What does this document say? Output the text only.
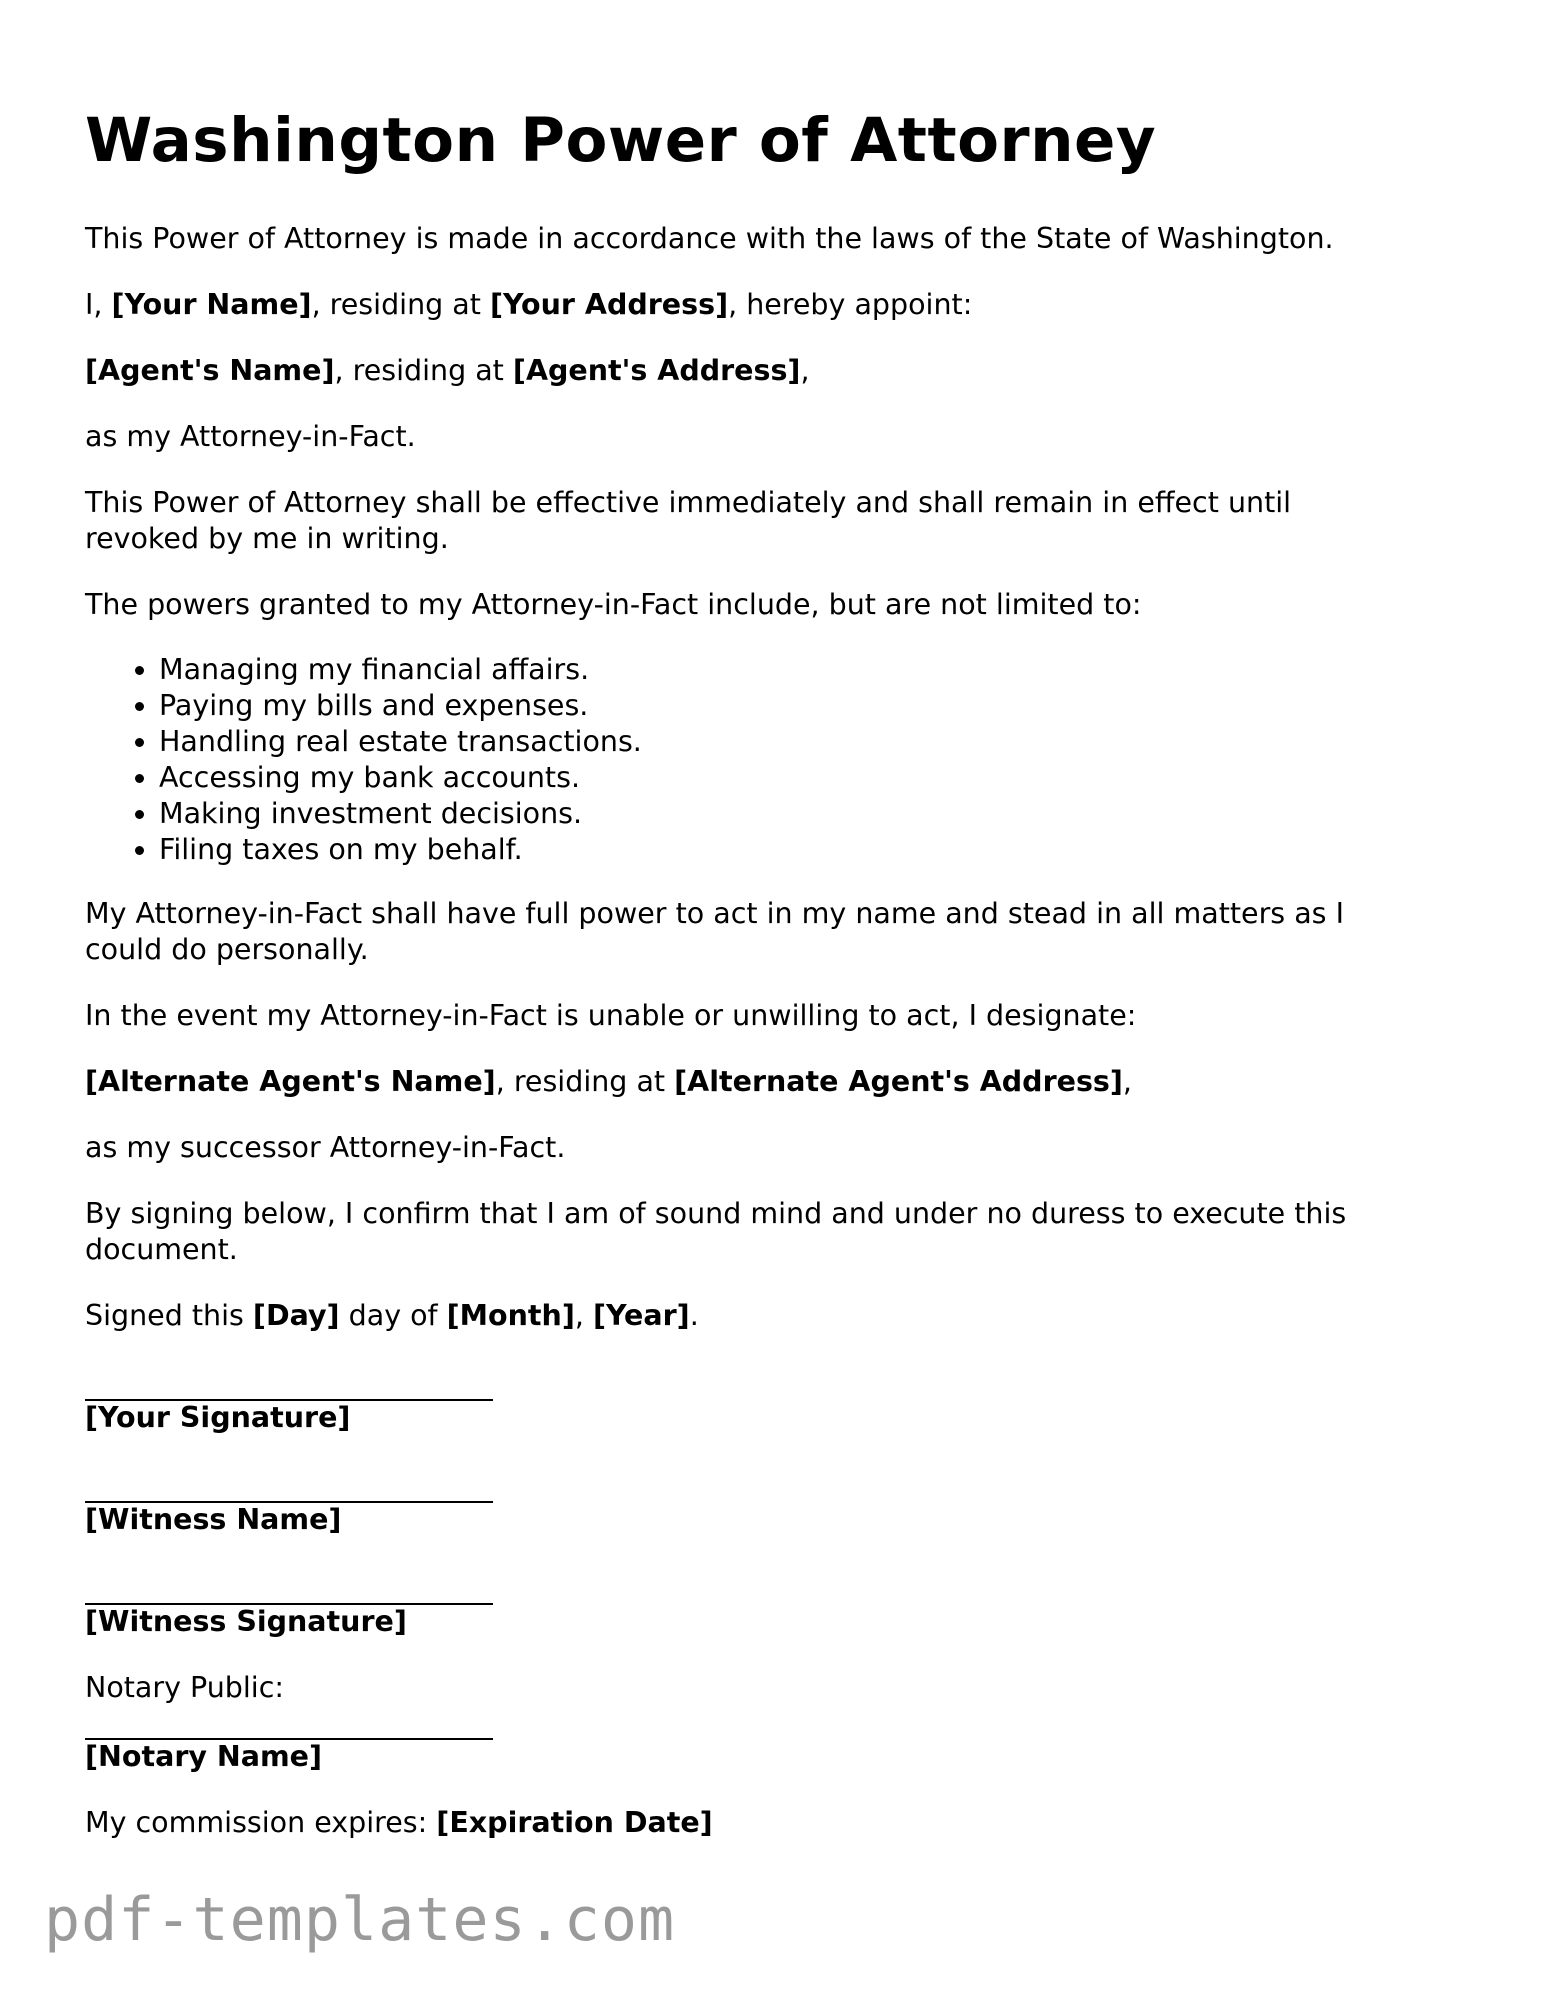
Washington Power of Attorney

This Power of Attorney is made in accordance with the laws of the State of Washington.

I, [Your Name], residing at [Your Address], hereby appoint:

[Agent's Name], residing at [Agent's Address],

as my Attorney-in-Fact.

This Power of Attorney shall be effective immediately and shall remain in effect until

revoked by me in writing.

The powers granted to my Attorney-in-Fact include, but are not limited to:

• Managing my financial affairs.
• Paying my bills and expenses.
• Handling real estate transactions.
• Accessing my bank accounts.
• Making investment decisions.
• Filing taxes on my behalf.

My Attorney-in-Fact shall have full power to act in my name and stead in all matters as I

could do personally.

In the event my Attorney-in-Fact is unable or unwilling to act, I designate:

[Alternate Agent's Name], residing at [Alternate Agent's Address],

as my successor Attorney-in-Fact.

By signing below, I confirm that I am of sound mind and under no duress to execute this

document.

Signed this [Day] day of [Month], [Year].

[Your Signature]

[Witness Name]

[Witness Signature]

Notary Public:

[Notary Name]

My commission expires: [Expiration Date]

pdf-templates.com
